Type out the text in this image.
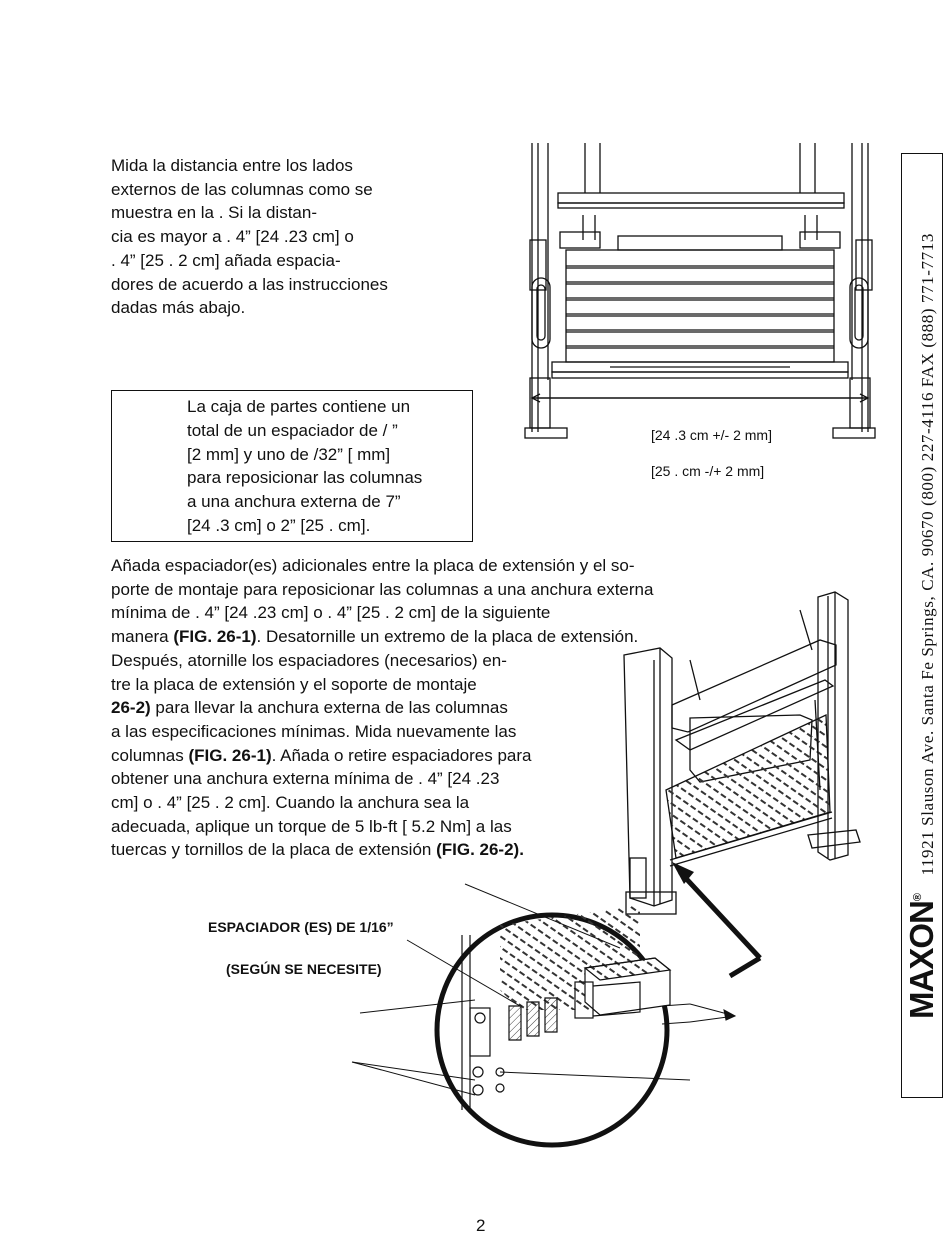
Mida la distancia entre los lados
externos de las columnas como se
muestra en la . Si la distan-
cia es mayor a . 4” [24 .23 cm] o
. 4” [25 . 2 cm] añada espacia-
dores de acuerdo a las instrucciones
dadas más abajo.
La caja de partes contiene un
total de un espaciador de / ”
[2 mm] y uno de /32” [ mm]
para reposicionar las columnas
a una anchura externa de 7”
[24 .3 cm] o 2” [25 . cm].
[24 .3 cm +/- 2 mm]
[25 . cm -/+ 2 mm]
Añada espaciador(es) adicionales entre la placa de extensión y el so-
porte de montaje para reposicionar las columnas a una anchura externa
mínima de . 4” [24 .23 cm] o . 4” [25 . 2 cm] de la siguiente
manera (FIG. 26-1). Desatornille un extremo de la placa de extensión.
Después, atornille los espaciadores (necesarios) en-
tre la placa de extensión y el soporte de montaje
26-2) para llevar la anchura externa de las columnas
a las especificaciones mínimas. Mida nuevamente las
columnas (FIG. 26-1). Añada o retire espaciadores para
obtener una anchura externa mínima de . 4” [24 .23
cm] o . 4” [25 . 2 cm]. Cuando la anchura sea la
adecuada, aplique un torque de 5 lb-ft [ 5.2 Nm] a las
tuercas y tornillos de la placa de extensión (FIG. 26-2).
ESPACIADOR (ES) DE 1/16”
(SEGÚN SE NECESITE)	MAXON® 11921 Slauson Ave. Santa Fe Springs, CA. 90670 (800) 227-4116 FAX (888) 771-7713
2
